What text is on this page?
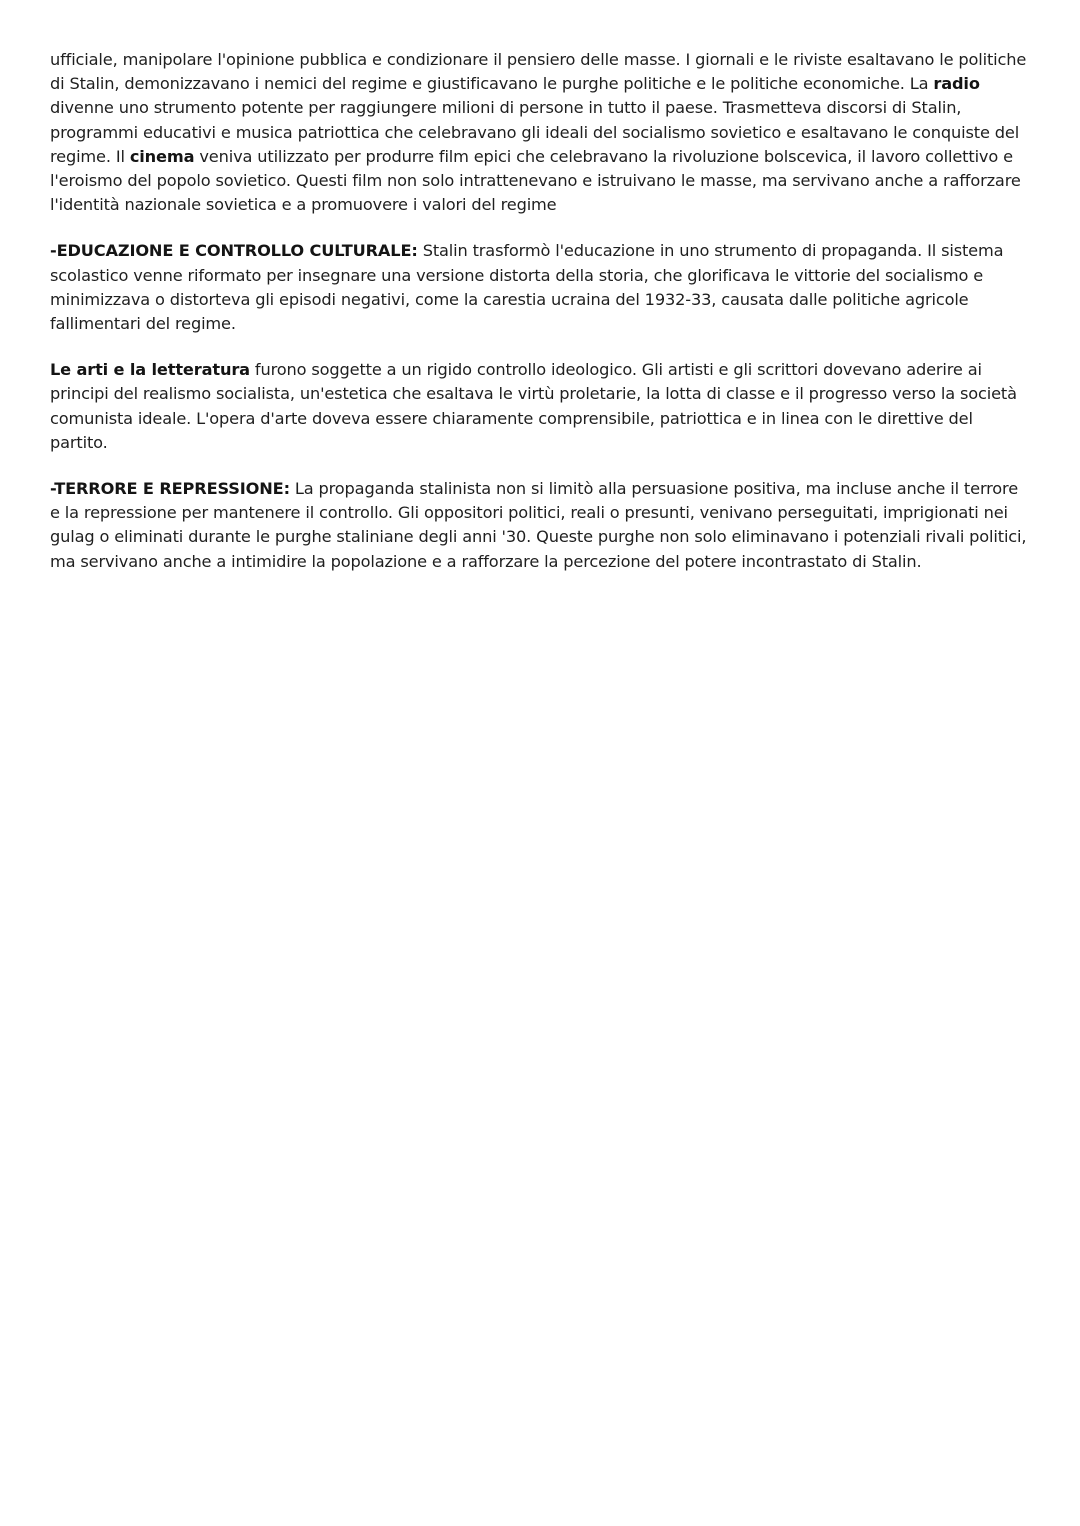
ufficiale, manipolare l'opinione pubblica e condizionare il pensiero delle masse. I giornali e le riviste esaltavano le politiche di Stalin, demonizzavano i nemici del regime e giustificavano le purghe politiche e le politiche economiche. La radio divenne uno strumento potente per raggiungere milioni di persone in tutto il paese. Trasmetteva discorsi di Stalin, programmi educativi e musica patriottica che celebravano gli ideali del socialismo sovietico e esaltavano le conquiste del regime. Il cinema veniva utilizzato per produrre film epici che celebravano la rivoluzione bolscevica, il lavoro collettivo e l'eroismo del popolo sovietico. Questi film non solo intrattenevano e istruivano le masse, ma servivano anche a rafforzare l'identità nazionale sovietica e a promuovere i valori del regime

-EDUCAZIONE E CONTROLLO CULTURALE: Stalin trasformò l'educazione in uno strumento di propaganda. Il sistema scolastico venne riformato per insegnare una versione distorta della storia, che glorificava le vittorie del socialismo e minimizzava o distorteva gli episodi negativi, come la carestia ucraina del 1932-33, causata dalle politiche agricole fallimentari del regime.

Le arti e la letteratura furono soggette a un rigido controllo ideologico. Gli artisti e gli scrittori dovevano aderire ai principi del realismo socialista, un'estetica che esaltava le virtù proletarie, la lotta di classe e il progresso verso la società comunista ideale. L'opera d'arte doveva essere chiaramente comprensibile, patriottica e in linea con le direttive del partito.

-TERRORE E REPRESSIONE: La propaganda stalinista non si limitò alla persuasione positiva, ma incluse anche il terrore e la repressione per mantenere il controllo. Gli oppositori politici, reali o presunti, venivano perseguitati, imprigionati nei gulag o eliminati durante le purghe staliniane degli anni '30. Queste purghe non solo eliminavano i potenziali rivali politici, ma servivano anche a intimidire la popolazione e a rafforzare la percezione del potere incontrastato di Stalin.
